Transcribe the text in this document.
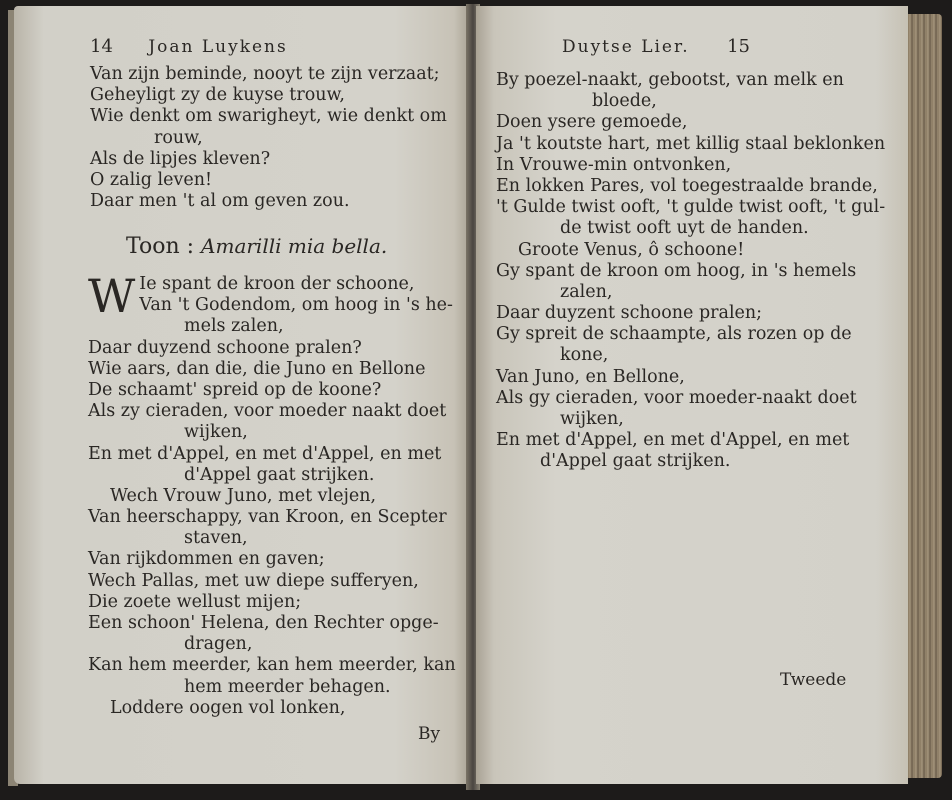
14 Joan Luykens
Van zijn beminde, nooyt te zijn verzaat;
Geheyligt zy de kuyse trouw,
Wie denkt om swarigheyt, wie denkt om
rouw,
Als de lipjes kleven?
O zalig leven!
Daar men 't al om geven zou.
Toon : Amarilli mia bella.
W Ie spant de kroon der schoone,
Van 't Godendom, om hoog in 's he-
mels zalen,
Daar duyzend schoone pralen?
Wie aars, dan die, die Juno en Bellone
De schaamt' spreid op de koone?
Als zy cieraden, voor moeder naakt doet
wijken,
En met d'Appel, en met d'Appel, en met
d'Appel gaat strijken.
Wech Vrouw Juno, met vlejen,
Van heerschappy, van Kroon, en Scepter
staven,
Van rijkdommen en gaven;
Wech Pallas, met uw diepe sufferyen,
Die zoete wellust mijen;
Een schoon' Helena, den Rechter opge-
dragen,
Kan hem meerder, kan hem meerder, kan
hem meerder behagen.
Loddere oogen vol lonken,
By
Duytse Lier. 15
By poezel-naakt, gebootst, van melk en
bloede,
Doen ysere gemoede,
Ja 't koutste hart, met killig staal beklonken
In Vrouwe-min ontvonken,
En lokken Pares, vol toegestraalde brande,
't Gulde twist ooft, 't gulde twist ooft, 't gul-
de twist ooft uyt de handen.
Groote Venus, ô schoone!
Gy spant de kroon om hoog, in 's hemels
zalen,
Daar duyzent schoone pralen;
Gy spreit de schaampte, als rozen op de
kone,
Van Juno, en Bellone,
Als gy cieraden, voor moeder-naakt doet
wijken,
En met d'Appel, en met d'Appel, en met
d'Appel gaat strijken.
Tweede
